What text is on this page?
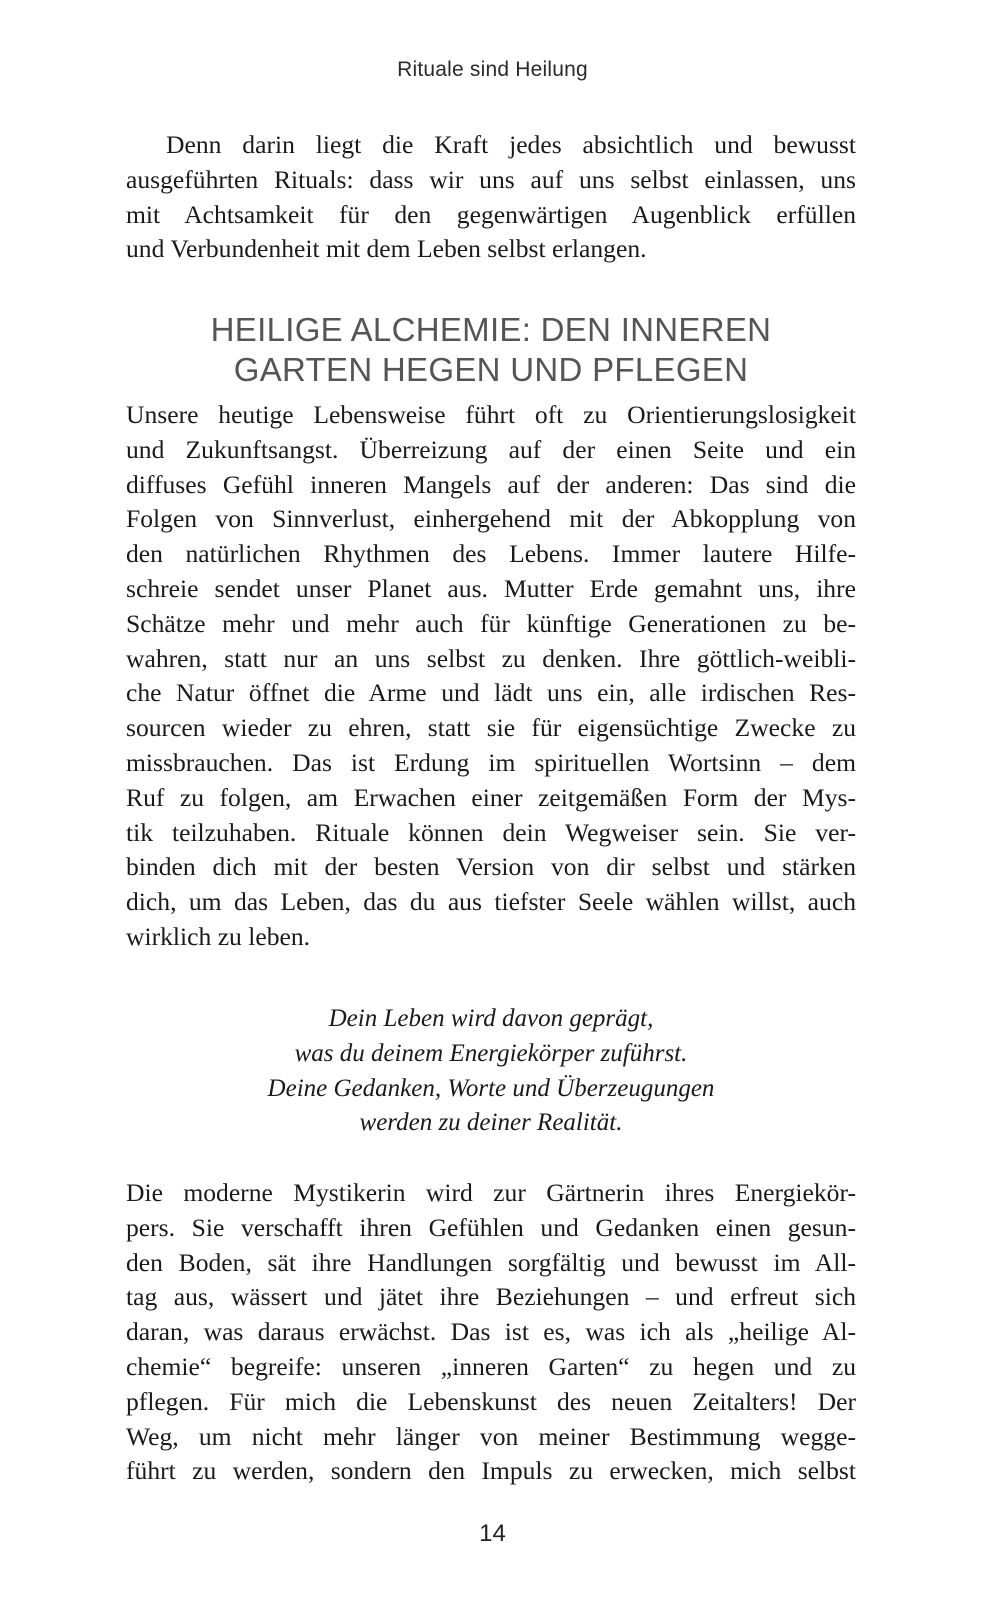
Rituale sind Heilung
Denn darin liegt die Kraft jedes absichtlich und bewusst
ausgeführten Rituals: dass wir uns auf uns selbst einlassen, uns
mit Achtsamkeit für den gegenwärtigen Augenblick erfüllen
und Verbundenheit mit dem Leben selbst erlangen.
HEILIGE ALCHEMIE: DEN INNEREN
GARTEN HEGEN UND PFLEGEN
Unsere heutige Lebensweise führt oft zu Orientierungslosigkeit
und Zukunftsangst. Überreizung auf der einen Seite und ein
diffuses Gefühl inneren Mangels auf der anderen: Das sind die
Folgen von Sinnverlust, einhergehend mit der Abkopplung von
den natürlichen Rhythmen des Lebens. Immer lautere Hilfe-
schreie sendet unser Planet aus. Mutter Erde gemahnt uns, ihre
Schätze mehr und mehr auch für künftige Generationen zu be-
wahren, statt nur an uns selbst zu denken. Ihre göttlich-weibli-
che Natur öffnet die Arme und lädt uns ein, alle irdischen Res-
sourcen wieder zu ehren, statt sie für eigensüchtige Zwecke zu
missbrauchen. Das ist Erdung im spirituellen Wortsinn – dem
Ruf zu folgen, am Erwachen einer zeitgemäßen Form der Mys-
tik teilzuhaben. Rituale können dein Wegweiser sein. Sie ver-
binden dich mit der besten Version von dir selbst und stärken
dich, um das Leben, das du aus tiefster Seele wählen willst, auch
wirklich zu leben.
Dein Leben wird davon geprägt,
was du deinem Energiekörper zuführst.
Deine Gedanken, Worte und Überzeugungen
werden zu deiner Realität.
Die moderne Mystikerin wird zur Gärtnerin ihres Energiekör-
pers. Sie verschafft ihren Gefühlen und Gedanken einen gesun-
den Boden, sät ihre Handlungen sorgfältig und bewusst im All-
tag aus, wässert und jätet ihre Beziehungen – und erfreut sich
daran, was daraus erwächst. Das ist es, was ich als „heilige Al-
chemie“ begreife: unseren „inneren Garten“ zu hegen und zu
pflegen. Für mich die Lebenskunst des neuen Zeitalters! Der
Weg, um nicht mehr länger von meiner Bestimmung wegge-
führt zu werden, sondern den Impuls zu erwecken, mich selbst
14
